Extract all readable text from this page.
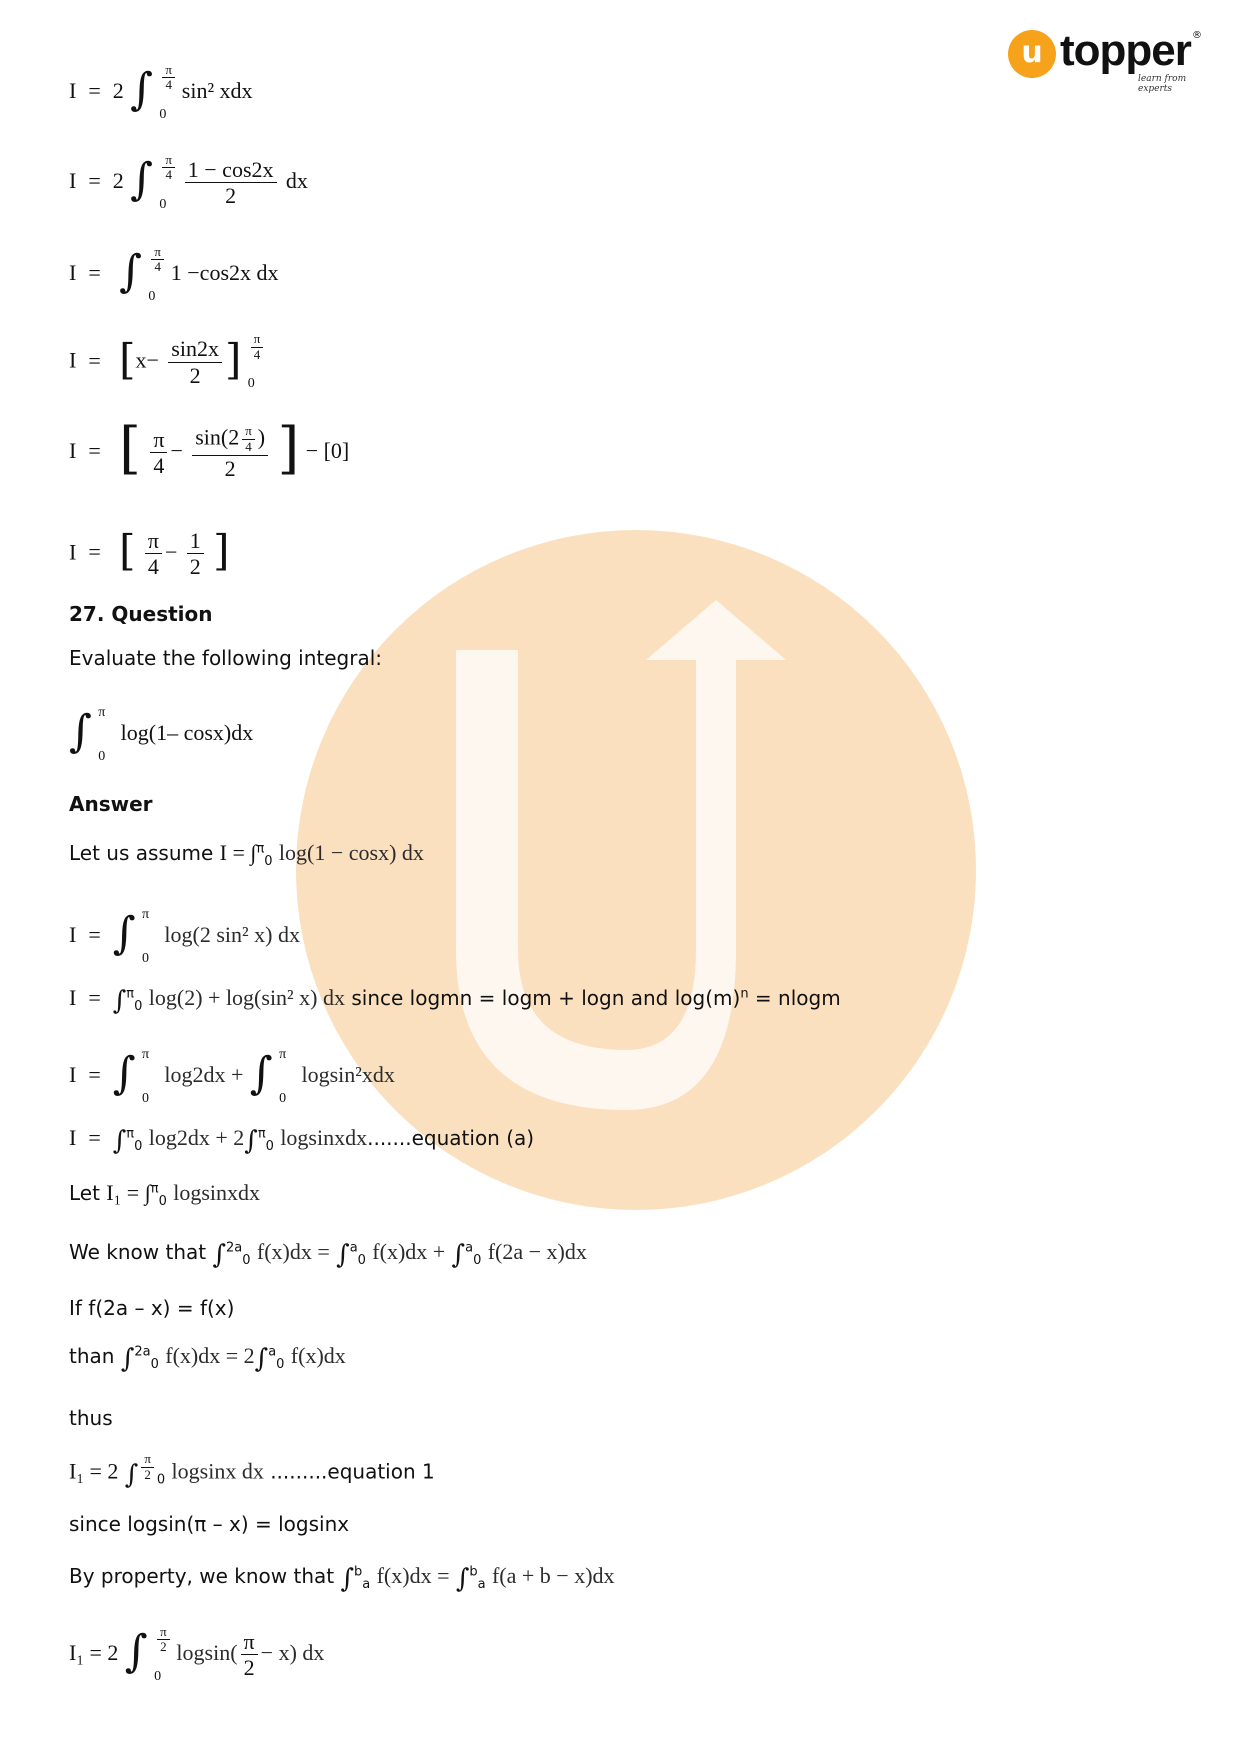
u topper ®
learn from experts
I = 2 ∫ $\frac{\pi}{4}$
0
sin² xdx
I = 2 ∫ $\frac{\pi}{4}$
0
$\frac{1 - \cos 2x}{2}$ dx
I = ∫ $\frac{\pi}{4}$
0
1 −cos2x dx
$I = [x- \frac{\sin 2x}{2}$ ] $\frac{\pi}{4}$
0
I = [ $\frac{\pi}{4} - \frac{\sin(2 \frac{\pi}{4} )}{2}$ ] − [0]
I = [ $\frac{\pi}{4} - \frac{1}{2}$ ]
27. Question
Evaluate the following integral:
∫ π
0
log(1– cosx)dx
Answer
Let us assume I = ∫$^\pi_0$ log(1 − cosx) dx
I = ∫ π
0
log(2 sin² x) dx
I = ∫$^\pi_0$ log(2) + log(sin² x) dx since logmn = logm + logn and $\log(m)^n = nlogm$
I = ∫ π
0
log2dx + ∫ π
0
logsin²xdx
I = ∫$^\pi_0$ log2dx + 2∫$^\pi_0$ logsinxdx.......equation (a)
Let I₁ = ∫$^\pi_0$ logsinxdx
We know that ∫$^{2a}_0$ f(x)dx = ∫$^a_0$ f(x)dx + ∫$^a_0$ f(2a − x)dx
If f(2a – x) = f(x)
than ∫$^{2a}_0$ f(x)dx = 2∫$^a_0$ f(x)dx
thus
I₁ = 2 ∫ $^{\frac{\pi}{2}}$ $_0$ logsinx dx .........equation 1
since logsin(π – x) = logsinx
By property, we know that ∫$^b_a$ f(x)dx = ∫$^b_a$ f(a + b − x)dx
I₁ = 2 ∫ $\frac{\pi}{2}$
0
$logsin( \frac{\pi}{2} - x)$ dx
